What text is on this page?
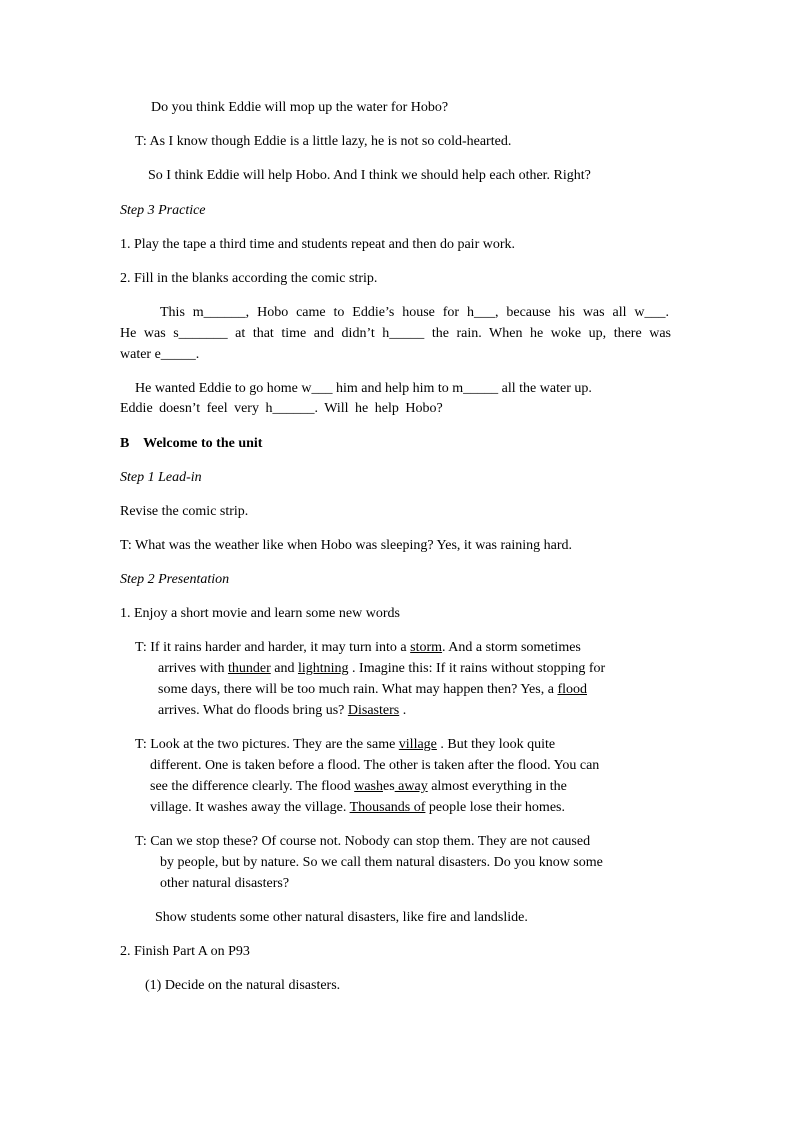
Do you think Eddie will mop up the water for Hobo?
T: As I know though Eddie is a little lazy, he is not so cold-hearted.
So I think Eddie will help Hobo. And I think we should help each other. Right?
Step 3 Practice
1. Play the tape a third time and students repeat and then do pair work.
2. Fill in the blanks according the comic strip.
This m______, Hobo came to Eddie’s house for h___, because his was all w___.
He was s_______ at that time and didn’t h_____ the rain. When he woke up, there was
water e_____.
He wanted Eddie to go home w___ him and help him to m_____ all the water up.
Eddie doesn’t feel very h______. Will he help Hobo?
B    Welcome to the unit
Step 1 Lead-in
Revise the comic strip.
T: What was the weather like when Hobo was sleeping? Yes, it was raining hard.
Step 2 Presentation
1. Enjoy a short movie and learn some new words
T: If it rains harder and harder, it may turn into a storm. And a storm sometimes
arrives with thunder and lightning . Imagine this: If it rains without stopping for
some days, there will be too much rain. What may happen then? Yes, a flood
arrives. What do floods bring us? Disasters .
T: Look at the two pictures. They are the same village . But they look quite
different. One is taken before a flood. The other is taken after the flood. You can
see the difference clearly. The flood washes away almost everything in the
village. It washes away the village. Thousands of people lose their homes.
T: Can we stop these? Of course not. Nobody can stop them. They are not caused
by people, but by nature. So we call them natural disasters. Do you know some
other natural disasters?
Show students some other natural disasters, like fire and landslide.
2. Finish Part A on P93
(1) Decide on the natural disasters.
